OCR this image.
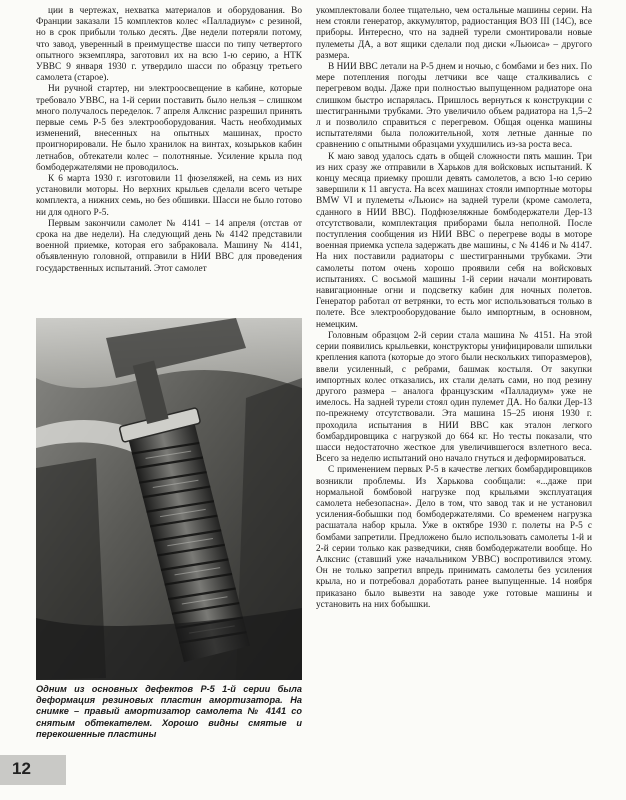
ции в чертежах, нехватка материалов и оборудования. Во Франции заказали 15 комплектов колес «Палладиум» с резиной, но в срок прибыли только десять. Две недели потеряли потому, что завод, уверенный в преимуществе шасси по типу четвертого опытного экземпляра, заготовил их на всю 1-ю серию, а НТК УВВС 9 января 1930 г. утвердило шасси по образцу третьего самолета (старое).

Ни ручной стартер, ни электроосвещение в кабине, которые требовало УВВС, на 1-й серии поставить было нельзя – слишком много получалось переделок. 7 апреля Алкснис разрешил принять первые семь Р-5 без электрооборудования. Часть необходимых изменений, внесенных на опытных машинах, просто проигнорировали. Не было хранилок на винтах, козырьков кабин летнабов, обтекатели колес – полотняные. Усиление крыла под бомбодержателями не проводилось.

К 6 марта 1930 г. изготовили 11 фюзеляжей, на семь из них установили моторы. Но верхних крыльев сделали всего четыре комплекта, а нижних семь, но без обшивки. Шасси не было готово ни для одного Р-5.

Первым закончили самолет № 4141 – 14 апреля (отстав от срока на две недели). На следующий день № 4142 представили военной приемке, которая его забраковала. Машину № 4141, объявленную головной, отправили в НИИ ВВС для проведения государственных испытаний. Этот самолет

Одним из основных дефектов Р-5 1-й серии была деформация резиновых пластин амортизатора. На снимке – правый амортизатор самолета № 4141 со снятым обтекателем. Хорошо видны смятые и перекошенные пластины

укомплектовали более тщательно, чем остальные машины серии. На нем стояли генератор, аккумулятор, радиостанция ВОЗ III (14С), все приборы. Интересно, что на задней турели смонтировали новые пулеметы ДА, а вот ящики сделали под диски «Льюиса» – другого размера.

В НИИ ВВС летали на Р-5 днем и ночью, с бомбами и без них. По мере потепления погоды летчики все чаще сталкивались с перегревом воды. Даже при полностью выпущенном радиаторе она слишком быстро испарялась. Пришлось вернуться к конструкции с шестигранными трубками. Это увеличило объем радиатора на 1,5–2 л и позволило справиться с перегревом. Общая оценка машины испытателями была положительной, хотя летные данные по сравнению с опытными образцами ухудшились из-за роста веса.

К маю завод удалось сдать в общей сложности пять машин. Три из них сразу же отправили в Харьков для войсковых испытаний. К концу месяца приемку прошли девять самолетов, а всю 1-ю серию завершили к 11 августа. На всех машинах стояли импортные моторы BMW VI и пулеметы «Льюис» на задней турели (кроме самолета, сданного в НИИ ВВС). Подфюзеляжные бомбодержатели Дер-13 отсутствовали, комплектация приборами была неполной. После поступления сообщения из НИИ ВВС о перегреве воды в моторе военная приемка успела задержать две машины, с № 4146 и № 4147. На них поставили радиаторы с шестигранными трубками. Эти самолеты потом очень хорошо проявили себя на войсковых испытаниях. С восьмой машины 1-й серии начали монтировать навигационные огни и подсветку кабин для ночных полетов. Генератор работал от ветрянки, то есть мог использоваться только в полете. Все электрооборудование было импортным, в основном, немецким.

Головным образцом 2-й серии стала машина № 4151. На этой серии появились крыльевки, конструкторы унифицировали шпильки крепления капота (которые до этого были нескольких типоразмеров), ввели усиленный, с ребрами, башмак костыля. От закупки импортных колес отказались, их стали делать сами, но под резину другого размера – аналога французским «Палладиум» уже не имелось. На задней турели стоял один пулемет ДА. Но балки Дер-13 по-прежнему отсутствовали. Эта машина 15–25 июня 1930 г. проходила испытания в НИИ ВВС как эталон легкого бомбардировщика с нагрузкой до 664 кг. Но тесты показали, что шасси недостаточно жесткое для увеличившегося взлетного веса. Всего за неделю испытаний оно начало гнуться и деформироваться.

С применением первых Р-5 в качестве легких бомбардировщиков возникли проблемы. Из Харькова сообщали: «...даже при нормальной бомбовой нагрузке под крыльями эксплуатация самолета небезопасна». Дело в том, что завод так и не установил усиления-бобышки под бомбодержателями. Со временем нагрузка расшатала набор крыла. Уже в октябре 1930 г. полеты на Р-5 с бомбами запретили. Предложено было использовать самолеты 1-й и 2-й серии только как разведчики, сняв бомбодержатели вообще. Но Алкснис (ставший уже начальником УВВС) воспротивился этому. Он не только запретил впредь принимать самолеты без усиления крыла, но и потребовал доработать ранее выпущенные. 14 ноября приказано было вывезти на заводе уже готовые машины и установить на них бобышки.

12
